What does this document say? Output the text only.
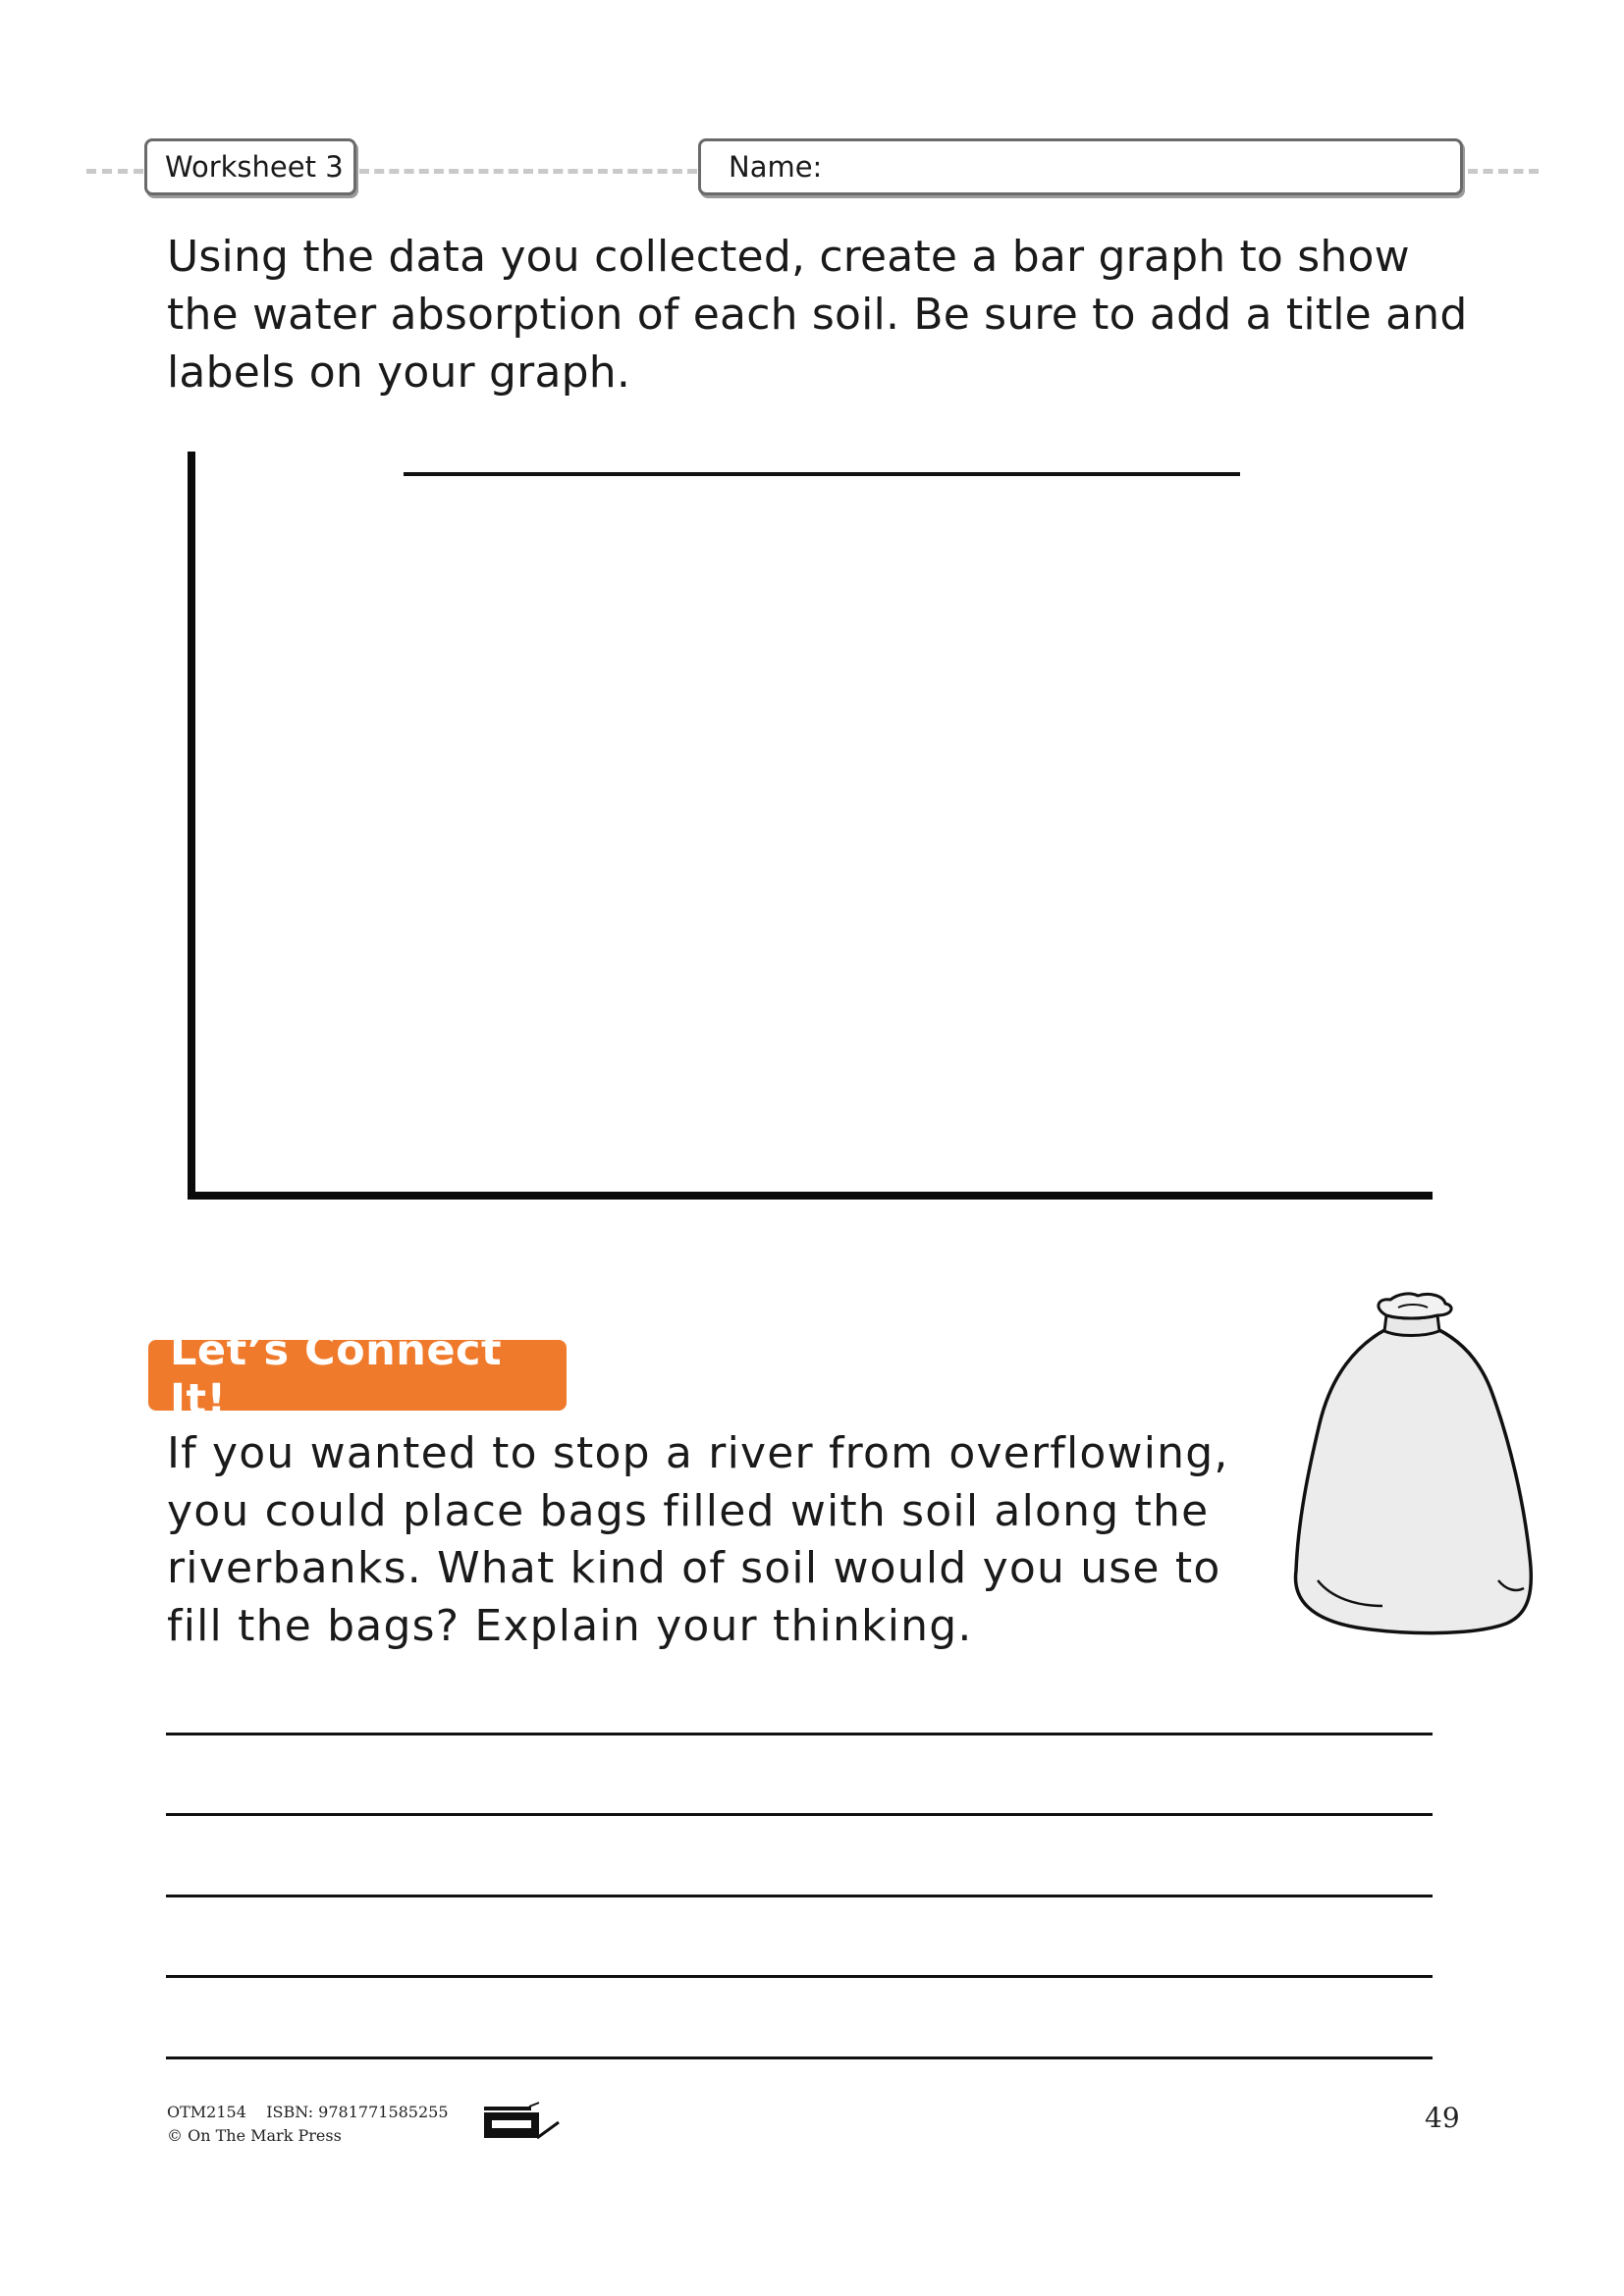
Worksheet 3	Name:

Using the data you collected, create a bar graph to show the water absorption of each soil. Be sure to add a title and labels on your graph.

Let’s Connect It!

If you wanted to stop a river from overflowing, you could place bags filled with soil along the riverbanks. What kind of soil would you use to fill the bags? Explain your thinking.

OTM2154 ISBN: 9781771585255
© On The Mark Press
49
